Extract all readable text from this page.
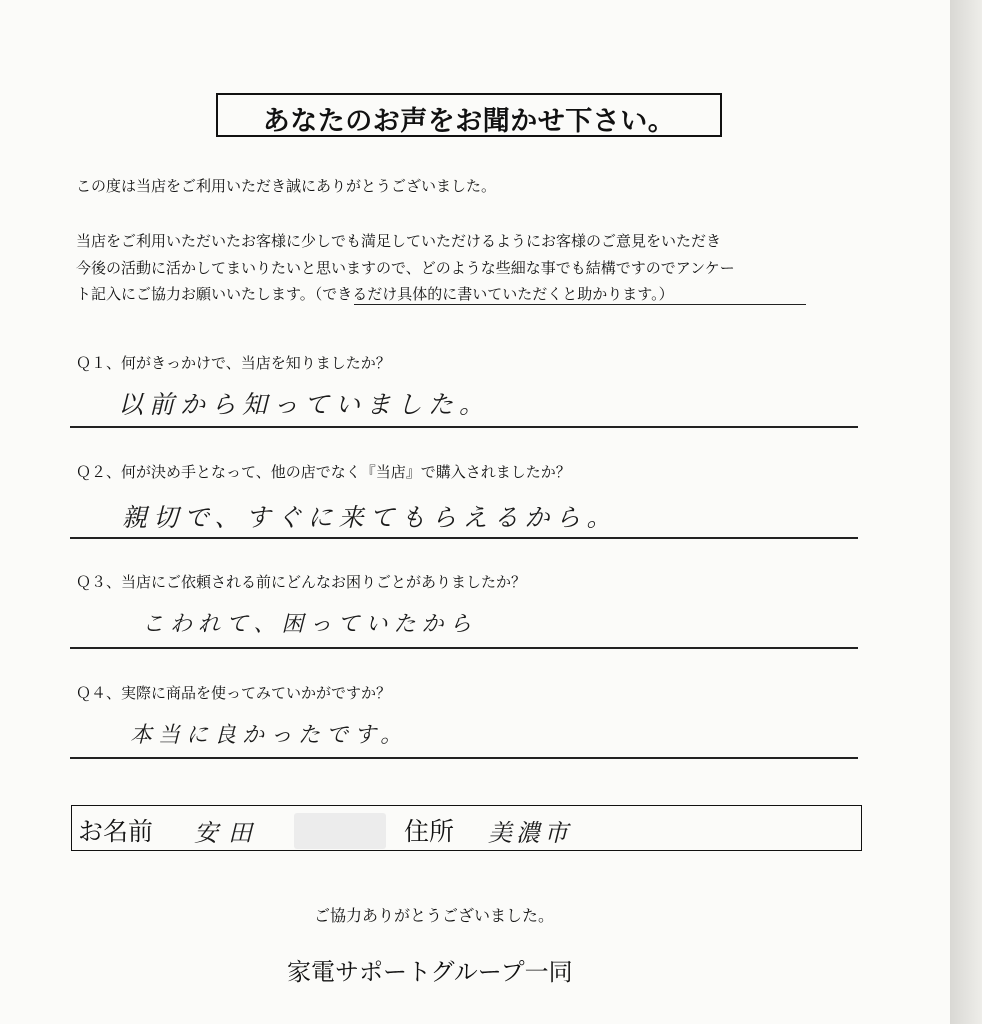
あなたのお声をお聞かせ下さい。
この度は当店をご利用いただき誠にありがとうございました。
当店をご利用いただいたお客様に少しでも満足していただけるようにお客様のご意見をいただき
今後の活動に活かしてまいりたいと思いますので、どのような些細な事でも結構ですのでアンケー
ト記入にご協力お願いいたします。（できるだけ具体的に書いていただくと助かります。）
Ｑ１、何がきっかけで、当店を知りましたか？
以前から知っていました。
Ｑ２、何が決め手となって、他の店でなく『当店』で購入されましたか？
親切で、すぐに来てもらえるから。
Ｑ３、当店にご依頼される前にどんなお困りごとがありましたか？
こわれて、困っていたから
Ｑ４、実際に商品を使ってみていかがですか？
本当に良かったです。
お名前 安田	住所 美濃市
ご協力ありがとうございました。
家電サポートグループ一同
